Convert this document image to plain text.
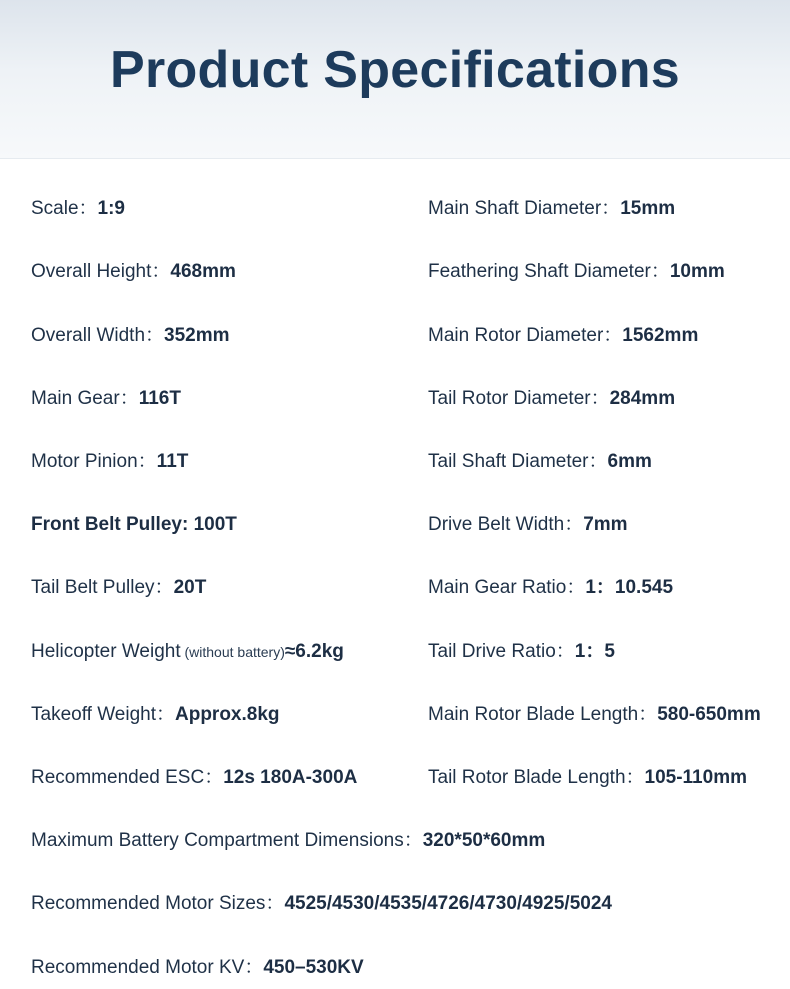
Product Specifications
Scale：1:9	Main Shaft Diameter：15mm
Overall Height：468mm	Feathering Shaft Diameter：10mm
Overall Width：352mm	Main Rotor Diameter：1562mm
Main Gear：116T	Tail Rotor Diameter：284mm
Motor Pinion：11T	Tail Shaft Diameter：6mm
Front Belt Pulley: 100T	Drive Belt Width：7mm
Tail Belt Pulley：20T	Main Gear Ratio：1：10.545
Helicopter Weight (without battery)≈6.2kg	Tail Drive Ratio：1：5
Takeoff Weight：Approx.8kg	Main Rotor Blade Length：580-650mm
Recommended ESC：12s 180A-300A	Tail Rotor Blade Length：105-110mm
Maximum Battery Compartment Dimensions：320*50*60mm
Recommended Motor Sizes：4525/4530/4535/4726/4730/4925/5024
Recommended Motor KV：450–530KV
